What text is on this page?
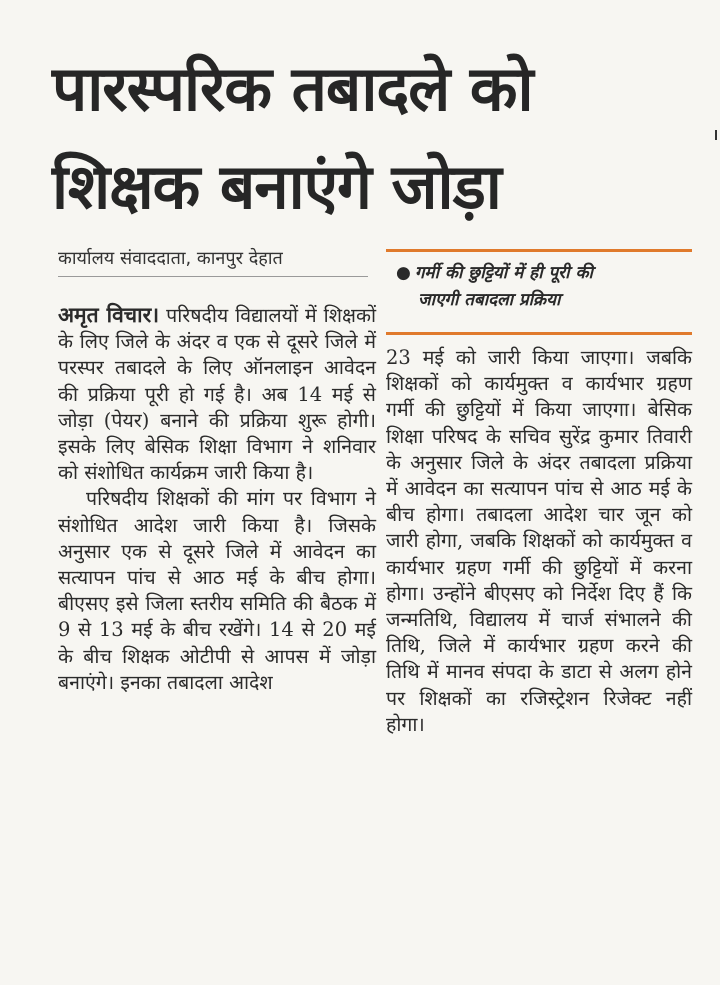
पारस्परिक तबादले को
शिक्षक बनाएंगे जोड़ा

कार्यालय संवाददाता, कानपुर देहात

● गर्मी की छुट्टियों में ही पूरी की
जाएगी तबादला प्रक्रिया

अमृत विचार। परिषदीय विद्यालयों में शिक्षकों के लिए जिले के अंदर व एक से दूसरे जिले में परस्पर तबादले के लिए ऑनलाइन आवेदन की प्रक्रिया पूरी हो गई है। अब 14 मई से जोड़ा (पेयर) बनाने की प्रक्रिया शुरू होगी। इसके लिए बेसिक शिक्षा विभाग ने शनिवार को संशोधित कार्यक्रम जारी किया है।

परिषदीय शिक्षकों की मांग पर विभाग ने संशोधित आदेश जारी किया है। जिसके अनुसार एक से दूसरे जिले में आवेदन का सत्यापन पांच से आठ मई के बीच होगा। बीएसए इसे जिला स्तरीय समिति की बैठक में 9 से 13 मई के बीच रखेंगे। 14 से 20 मई के बीच शिक्षक ओटीपी से आपस में जोड़ा बनाएंगे। इनका तबादला आदेश

23 मई को जारी किया जाएगा। जबकि शिक्षकों को कार्यमुक्त व कार्यभार ग्रहण गर्मी की छुट्टियों में किया जाएगा। बेसिक शिक्षा परिषद के सचिव सुरेंद्र कुमार तिवारी के अनुसार जिले के अंदर तबादला प्रक्रिया में आवेदन का सत्यापन पांच से आठ मई के बीच होगा। तबादला आदेश चार जून को जारी होगा, जबकि शिक्षकों को कार्यमुक्त व कार्यभार ग्रहण गर्मी की छुट्टियों में करना होगा। उन्होंने बीएसए को निर्देश दिए हैं कि जन्मतिथि, विद्यालय में चार्ज संभालने की तिथि, जिले में कार्यभार ग्रहण करने की तिथि में मानव संपदा के डाटा से अलग होने पर शिक्षकों का रजिस्ट्रेशन रिजेक्ट नहीं होगा।
